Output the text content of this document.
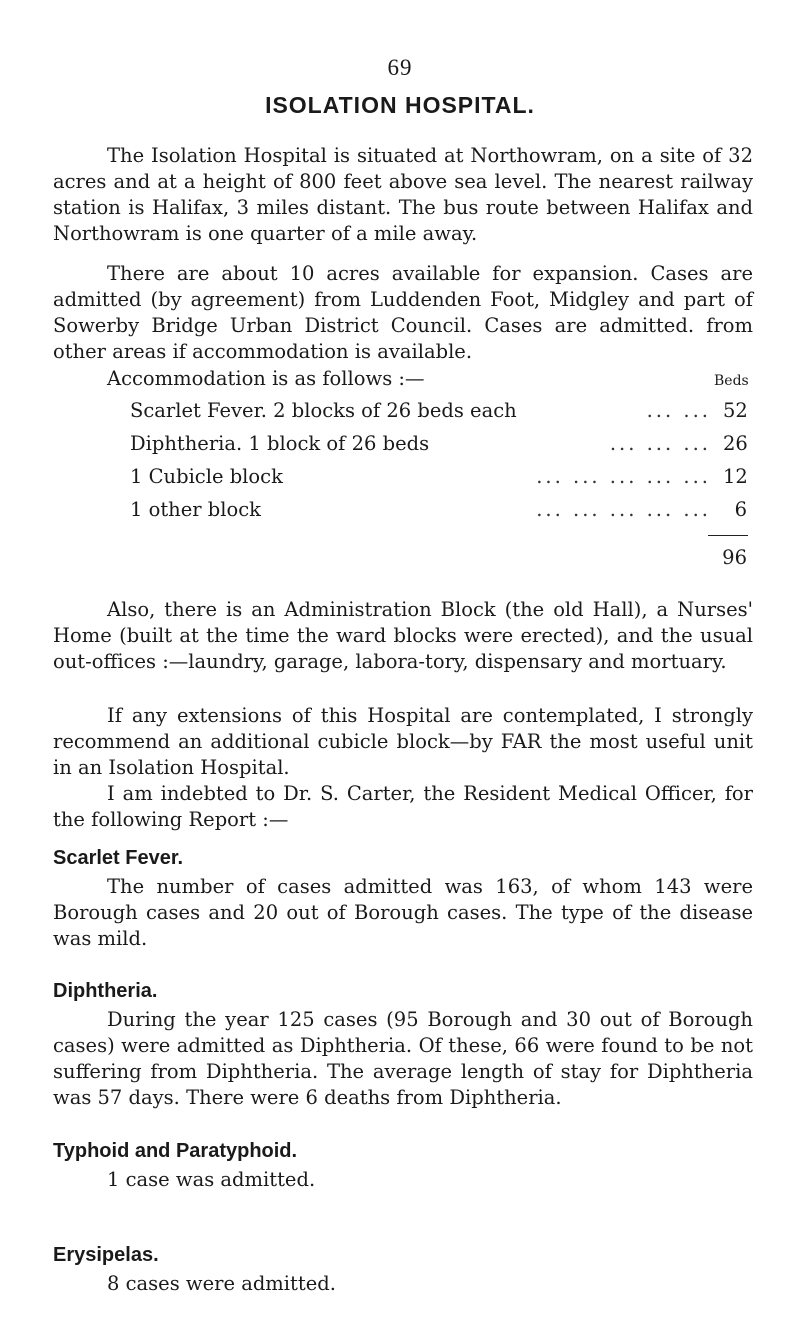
69
ISOLATION HOSPITAL.

The Isolation Hospital is situated at Northowram, on a site of 32 acres and at a height of 800 feet above sea level. The nearest railway station is Halifax, 3 miles distant. The bus route between Halifax and Northowram is one quarter of a mile away.

There are about 10 acres available for expansion. Cases are admitted (by agreement) from Luddenden Foot, Midgley and part of Sowerby Bridge Urban District Council. Cases are admitted. from other areas if accommodation is available.

Accommodation is as follows :—	Beds

Scarlet Fever. 2 blocks of 26 beds each	... ... 52
Diphtheria. 1 block of 26 beds	... ... ... 26
1 Cubicle block	... ... ... ... ... 12
1 other block	... ... ... ... ...	6
96

Also, there is an Administration Block (the old Hall), a Nurses' Home (built at the time the ward blocks were erected), and the usual out-offices :—laundry, garage, labora-tory, dispensary and mortuary.

If any extensions of this Hospital are contemplated, I strongly recommend an additional cubicle block—by FAR the most useful unit in an Isolation Hospital.

I am indebted to Dr. S. Carter, the Resident Medical Officer, for the following Report :—

Scarlet Fever.

The number of cases admitted was 163, of whom 143 were Borough cases and 20 out of Borough cases. The type of the disease was mild.

Diphtheria.

During the year 125 cases (95 Borough and 30 out of Borough cases) were admitted as Diphtheria. Of these, 66 were found to be not suffering from Diphtheria. The average length of stay for Diphtheria was 57 days. There were 6 deaths from Diphtheria.

Typhoid and Paratyphoid.

1 case was admitted.

Erysipelas.

8 cases were admitted.
